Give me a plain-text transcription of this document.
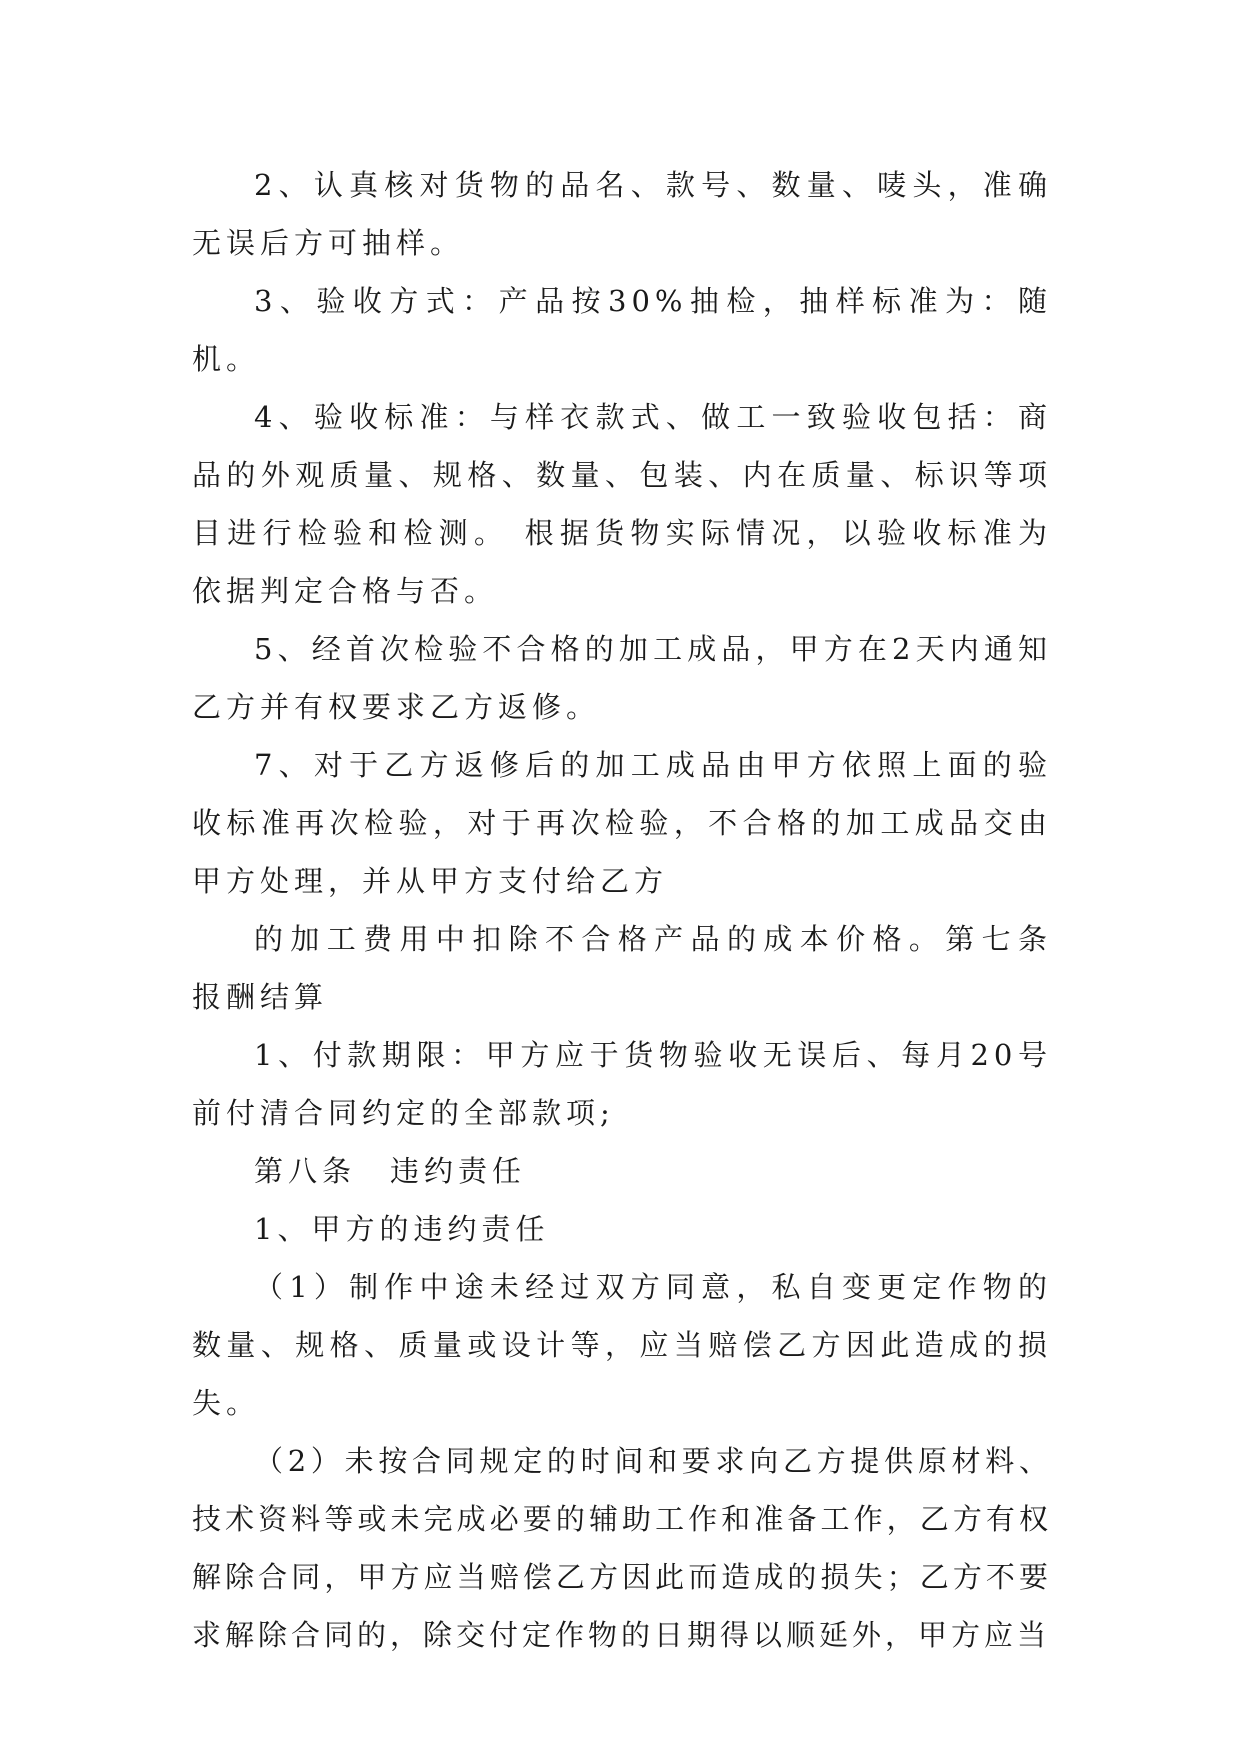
2、认真核对货物的品名、款号、数量、唛头，准确无误后方可抽样。

3、验收方式：产品按30%抽检，抽样标准为：随机。

4、验收标准：与样衣款式、做工一致验收包括：商品的外观质量、规格、数量、包装、内在质量、标识等项目进行检验和检测。 根据货物实际情况，以验收标准为依据判定合格与否。

5、经首次检验不合格的加工成品，甲方在2天内通知乙方并有权要求乙方返修。

7、对于乙方返修后的加工成品由甲方依照上面的验收标准再次检验，对于再次检验，不合格的加工成品交由甲方处理，并从甲方支付给乙方

的加工费用中扣除不合格产品的成本价格。第七条　报酬结算

1、付款期限：甲方应于货物验收无误后、每月20号前付清合同约定的全部款项;

第八条　违约责任

1、甲方的违约责任

（1）制作中途未经过双方同意，私自变更定作物的数量、规格、质量或设计等，应当赔偿乙方因此造成的损失。

（2）未按合同规定的时间和要求向乙方提供原材料、技术资料等或未完成必要的辅助工作和准备工作，乙方有权解除合同，甲方应当赔偿乙方因此而造成的损失；乙方不要求解除合同的，除交付定作物的日期得以顺延外，甲方应当
